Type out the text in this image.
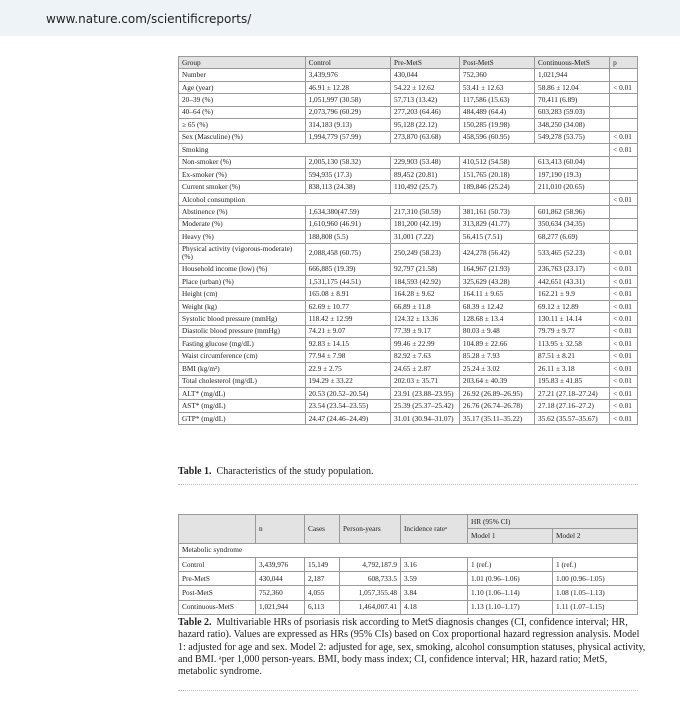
www.nature.com/scientificreports/
Group	Control	Pre-MetS	Post-MetS	Continuous-MetS	p
Number	3,439,976	430,044	752,360	1,021,944	
Age (year)	46.91 ± 12.28	54.22 ± 12.62	53.41 ± 12.63	58.86 ± 12.04	< 0.01
20–39 (%)	1,051,997 (30.58)	57,713 (13.42)	117,586 (15.63)	70,411 (6.89)	
40–64 (%)	2,073,796 (60.29)	277,203 (64.46)	484,489 (64.4)	603,283 (59.03)	
≥ 65 (%)	314,183 (9.13)	95,128 (22.12)	150,285 (19.98)	348,250 (34.08)	
Sex (Masculine) (%)	1,994,779 (57.99)	273,870 (63.68)	458,596 (60.95)	549,278 (53.75)	< 0.01
Smoking					< 0.01
Non-smoker (%)	2,005,130 (58.32)	229,903 (53.48)	410,512 (54.58)	613,413 (60.04)	
Ex-smoker (%)	594,935 (17.3)	89,452 (20.81)	151,765 (20.18)	197,190 (19.3)	
Current smoker (%)	838,113 (24.38)	110,492 (25.7)	189,846 (25.24)	211,010 (20.65)	
Alcohol consumption					< 0.01
Abstinence (%)	1,634,380(47.59)	217,310 (50.59)	381,161 (50.73)	601,862 (58.96)	
Moderate (%)	1,610,960 (46.91)	181,200 (42.19)	313,829 (41.77)	350,634 (34.35)	
Heavy (%)	188,808 (5.5)	31,001 (7.22)	56,415 (7.51)	68,277 (6.69)	
Physical activity (vigorous-moderate) (%)	2,088,458 (60.75)	250,249 (58.23)	424,278 (56.42)	533,465 (52.23)	< 0.01
Household income (low) (%)	666,885 (19.39)	92,797 (21.58)	164,967 (21.93)	236,763 (23.17)	< 0.01
Place (urban) (%)	1,531,175 (44.51)	184,593 (42.92)	325,629 (43.28)	442,651 (43.31)	< 0.01
Height (cm)	165.08 ± 8.91	164.28 ± 9.62	164.11 ± 9.65	162.21 ± 9.9	< 0.01
Weight (kg)	62.69 ± 10.77	66.89 ± 11.8	68.39 ± 12.42	69.12 ± 12.89	< 0.01
Systolic blood pressure (mmHg)	118.42 ± 12.99	124.32 ± 13.36	128.68 ± 13.4	130.11 ± 14.14	< 0.01
Diastolic blood pressure (mmHg)	74.21 ± 9.07	77.39 ± 9.17	80.03 ± 9.48	79.79 ± 9.77	< 0.01
Fasting glucose (mg/dL)	92.83 ± 14.15	99.46 ± 22.99	104.89 ± 22.66	113.95 ± 32.58	< 0.01
Waist circumference (cm)	77.94 ± 7.98	82.92 ± 7.63	85.28 ± 7.93	87.51 ± 8.21	< 0.01
BMI (kg/m²)	22.9 ± 2.75	24.65 ± 2.87	25.24 ± 3.02	26.11 ± 3.18	< 0.01
Total cholesterol (mg/dL)	194.29 ± 33.22	202.03 ± 35.71	203.64 ± 40.39	195.83 ± 41.85	< 0.01
ALT* (mg/dL)	20.53 (20.52–20.54)	23.91 (23.88–23.95)	26.92 (26.89–26.95)	27.21 (27.18–27.24)	< 0.01
AST* (mg/dL)	23.54 (23.54–23.55)	25.39 (25.37–25.42)	26.76 (26.74–26.78)	27.18 (27.16–27.2)	< 0.01
GTP* (mg/dL)	24.47 (24.46–24.49)	31.01 (30.94–31.07)	35.17 (35.11–35.22)	35.62 (35.57–35.67)	< 0.01
Table 1. Characteristics of the study population.
	n	Cases	Person-years	Incidence rateᵃ	HR (95% CI)	
					Model 1	Model 2
Metabolic syndrome						
Control	3,439,976	15,149	4,792,187.9	3.16	1 (ref.)	1 (ref.)
Pre-MetS	430,044	2,187	608,733.5	3.59	1.01 (0.96–1.06)	1.00 (0.96–1.05)
Post-MetS	752,360	4,055	1,057,355.48	3.84	1.10 (1.06–1.14)	1.08 (1.05–1.13)
Continuous-MetS	1,021,944	6,113	1,464,007.41	4.18	1.13 (1.10–1.17)	1.11 (1.07–1.15)
Table 2. Multivariable HRs of psoriasis risk according to MetS diagnosis changes (CI, confidence interval; HR, hazard ratio). Values are expressed as HRs (95% CIs) based on Cox proportional hazard regression analysis. Model 1: adjusted for age and sex. Model 2: adjusted for age, sex, smoking, alcohol consumption statuses, physical activity, and BMI. ᵃper 1,000 person-years. BMI, body mass index; CI, confidence interval; HR, hazard ratio; MetS, metabolic syndrome.
